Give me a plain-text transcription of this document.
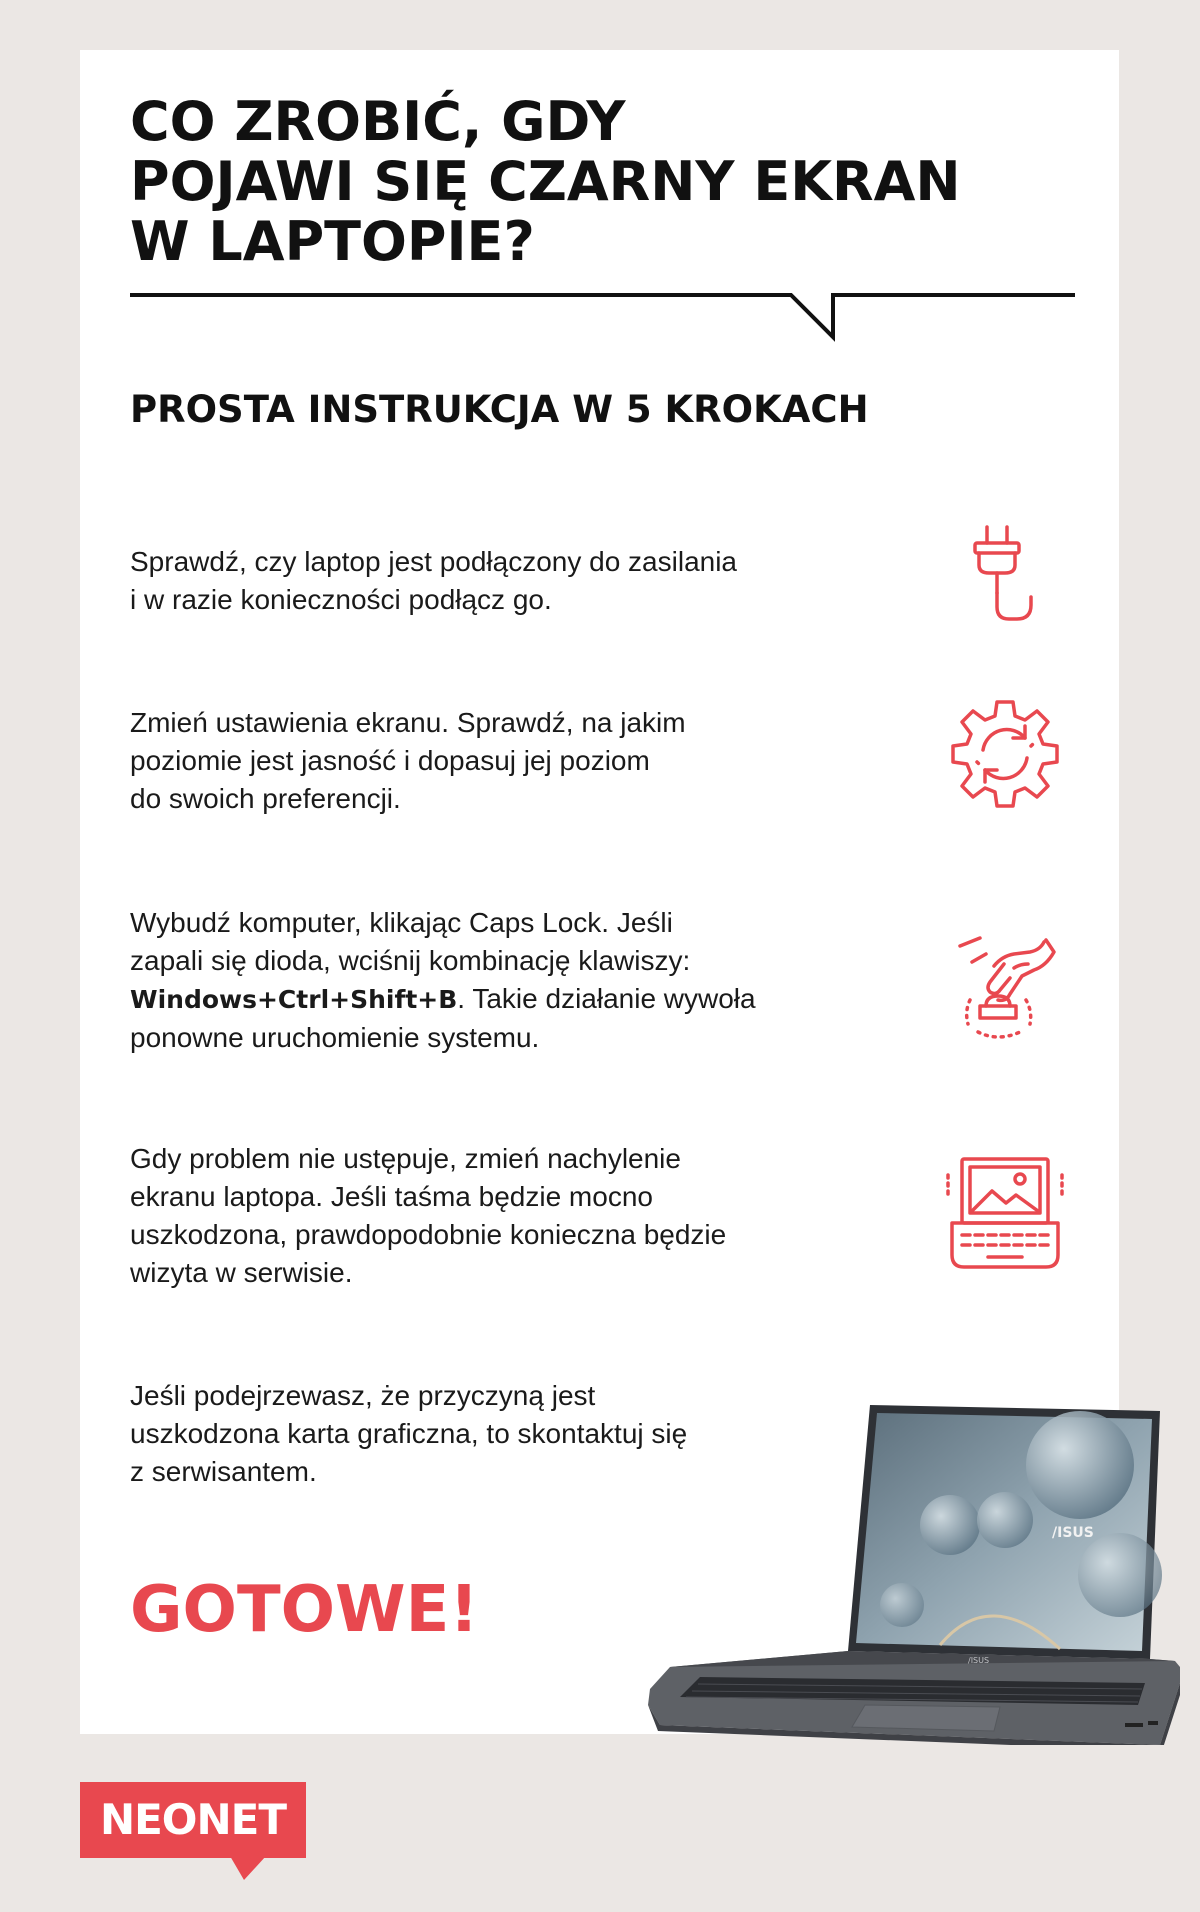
CO ZROBIĆ, GDY
POJAWI SIĘ CZARNY EKRAN
W LAPTOPIE?
PROSTA INSTRUKCJA W 5 KROKACH
Sprawdź, czy laptop jest podłączony do zasilania
i w razie konieczności podłącz go.
Zmień ustawienia ekranu. Sprawdź, na jakim
poziomie jest jasność i dopasuj jej poziom
do swoich preferencji.
Wybudź komputer, klikając Caps Lock. Jeśli
zapali się dioda, wciśnij kombinację klawiszy:
Windows+Ctrl+Shift+B. Takie działanie wywoła
ponowne uruchomienie systemu.
Gdy problem nie ustępuje, zmień nachylenie
ekranu laptopa. Jeśli taśma będzie mocno
uszkodzona, prawdopodobnie konieczna będzie
wizyta w serwisie.
Jeśli podejrzewasz, że przyczyną jest
uszkodzona karta graficzna, to skontaktuj się
z serwisantem.
GOTOWE!
/ISUS
/ISUS
NEONET
